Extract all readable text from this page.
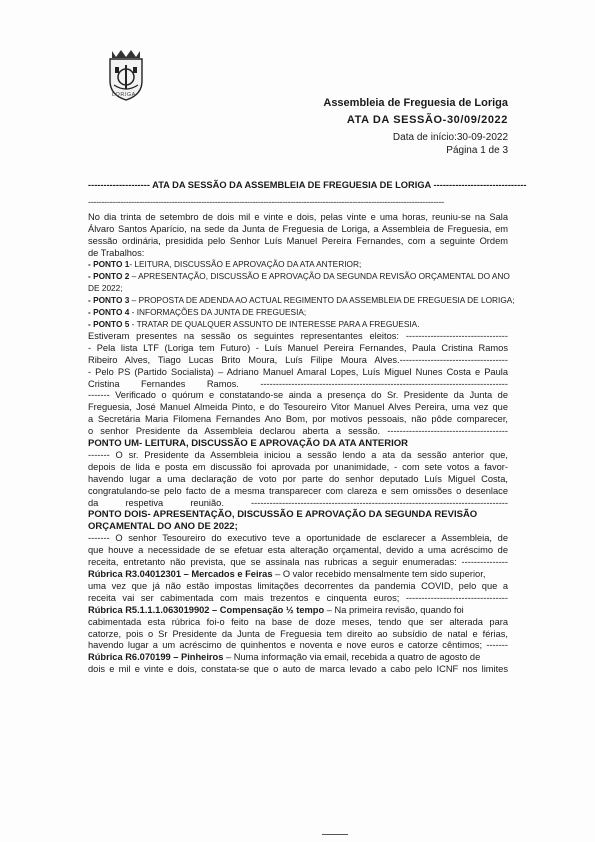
LORIGA
Assembleia de Freguesia de Loriga
ATA DA SESSÃO-30/09/2022
Data de início:30-09-2022
Página 1 de 3
-------------------- ATA DA SESSÃO DA ASSEMBLEIA DE FREGUESIA DE LORIGA ------------------------------
------------------------------------------------------------------------------------------------------------------------------------
No dia trinta de setembro de dois mil e vinte e dois, pelas vinte e uma horas, reuniu-se na Sala
Álvaro Santos Aparício, na sede da Junta de Freguesia de Loriga, a Assembleia de Freguesia, em
sessão ordinária, presidida pelo Senhor Luís Manuel Pereira Fernandes, com a seguinte Ordem
de Trabalhos:
- PONTO 1- LEITURA, DISCUSSÃO E APROVAÇÃO DA ATA ANTERIOR;
- PONTO 2 – APRESENTAÇÃO, DISCUSSÃO E APROVAÇÃO DA SEGUNDA REVISÃO ORÇAMENTAL DO ANO
DE 2022;
- PONTO 3 – PROPOSTA DE ADENDA AO ACTUAL REGIMENTO DA ASSEMBLEIA DE FREGUESIA DE LORIGA;
- PONTO 4 - INFORMAÇÕES DA JUNTA DE FREGUESIA;
- PONTO 5 - TRATAR DE QUALQUER ASSUNTO DE INTERESSE PARA A FREGUESIA.
Estiveram presentes na sessão os seguintes representantes eleitos: ---------------------------------
- Pela lista LTF (Loriga tem Futuro) - Luís Manuel Pereira Fernandes, Paula Cristina Ramos
Ribeiro Alves, Tiago Lucas Brito Moura, Luís Filipe Moura Alves.-----------------------------------
- Pelo PS (Partido Socialista) – Adriano Manuel Amaral Lopes, Luís Miguel Nunes Costa e Paula
Cristina Fernandes Ramos. --------------------------------------------------------------------------------
------- Verificado o quórum e constatando-se ainda a presença do Sr. Presidente da Junta de
Freguesia, José Manuel Almeida Pinto, e do Tesoureiro Vitor Manuel Alves Pereira, uma vez que
a Secretária Maria Filomena Fernandes Ano Bom, por motivos pessoais, não pôde comparecer,
o senhor Presidente da Assembleia declarou aberta a sessão. ---------------------------------------
PONTO UM- LEITURA, DISCUSSÃO E APROVAÇÃO DA ATA ANTERIOR
------- O sr. Presidente da Assembleia iniciou a sessão lendo a ata da sessão anterior que,
depois de lida e posta em discussão foi aprovada por unanimidade, - com sete votos a favor-
havendo lugar a uma declaração de voto por parte do senhor deputado Luís Miguel Costa,
congratulando-se pelo facto de a mesma transparecer com clareza e sem omissões o desenlace
da respetiva reunião. -----------------------------------------------------------------------------------
PONTO DOIS- APRESENTAÇÃO, DISCUSSÃO E APROVAÇÃO DA SEGUNDA REVISÃO
ORÇAMENTAL DO ANO DE 2022;
------- O senhor Tesoureiro do executivo teve a oportunidade de esclarecer a Assembleia, de
que houve a necessidade de se efetuar esta alteração orçamental, devido a uma acréscimo de
receita, entretanto não prevista, que se assinala nas rubricas a seguir enumeradas: ---------------
Rúbrica R3.04012301 – Mercados e Feiras – O valor recebido mensalmente tem sido superior,
uma vez que já não estão impostas limitações decorrentes da pandemia COVID, pelo que a
receita vai ser cabimentada com mais trezentos e cinquenta euros; ---------------------------------
Rúbrica R5.1.1.1.063019902 – Compensação ½ tempo – Na primeira revisão, quando foi
cabimentada esta rúbrica foi-o feito na base de doze meses, tendo que ser alterada para
catorze, pois o Sr Presidente da Junta de Freguesia tem direito ao subsídio de natal e férias,
havendo lugar a um acréscimo de quinhentos e noventa e nove euros e catorze cêntimos; -------
Rúbrica R6.070199 – Pinheiros – Numa informação via email, recebida a quatro de agosto de
dois e mil e vinte e dois, constata-se que o auto de marca levado a cabo pelo ICNF nos limites
